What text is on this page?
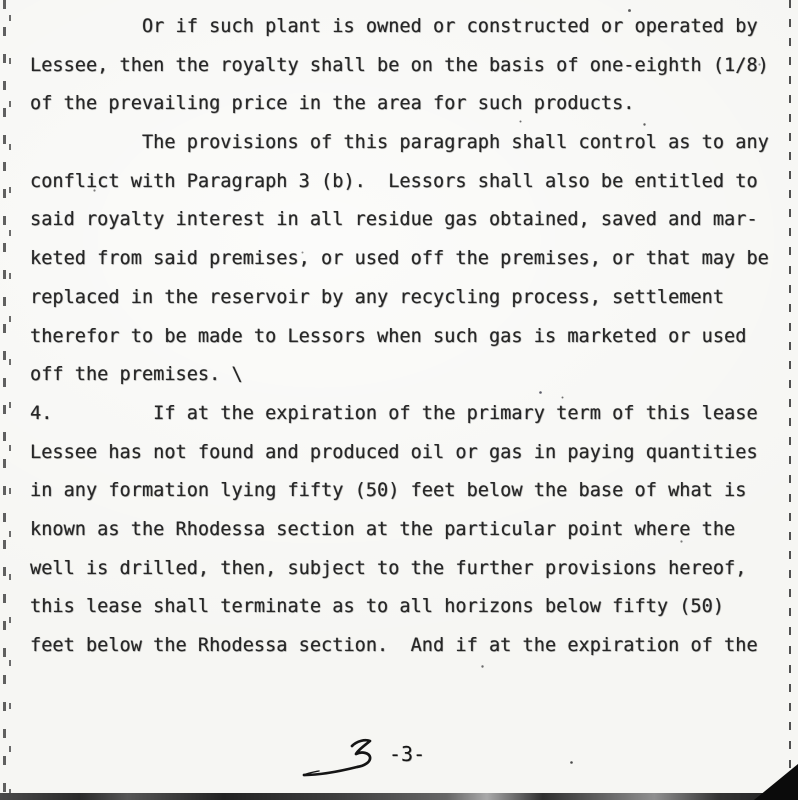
Or if such plant is owned or constructed or operated by
Lessee, then the royalty shall be on the basis of one-eighth (1/8)
of the prevailing price in the area for such products.
The provisions of this paragraph shall control as to any
conflict with Paragraph 3 (b).  Lessors shall also be entitled to
said royalty interest in all residue gas obtained, saved and mar-
keted from said premises, or used off the premises, or that may be
replaced in the reservoir by any recycling process, settlement
therefor to be made to Lessors when such gas is marketed or used
off the premises. \
4.         If at the expiration of the primary term of this lease
Lessee has not found and produced oil or gas in paying quantities
in any formation lying fifty (50) feet below the base of what is
known as the Rhodessa section at the particular point where the
well is drilled, then, subject to the further provisions hereof,
this lease shall terminate as to all horizons below fifty (50)
feet below the Rhodessa section.  And if at the expiration of the
-3-
